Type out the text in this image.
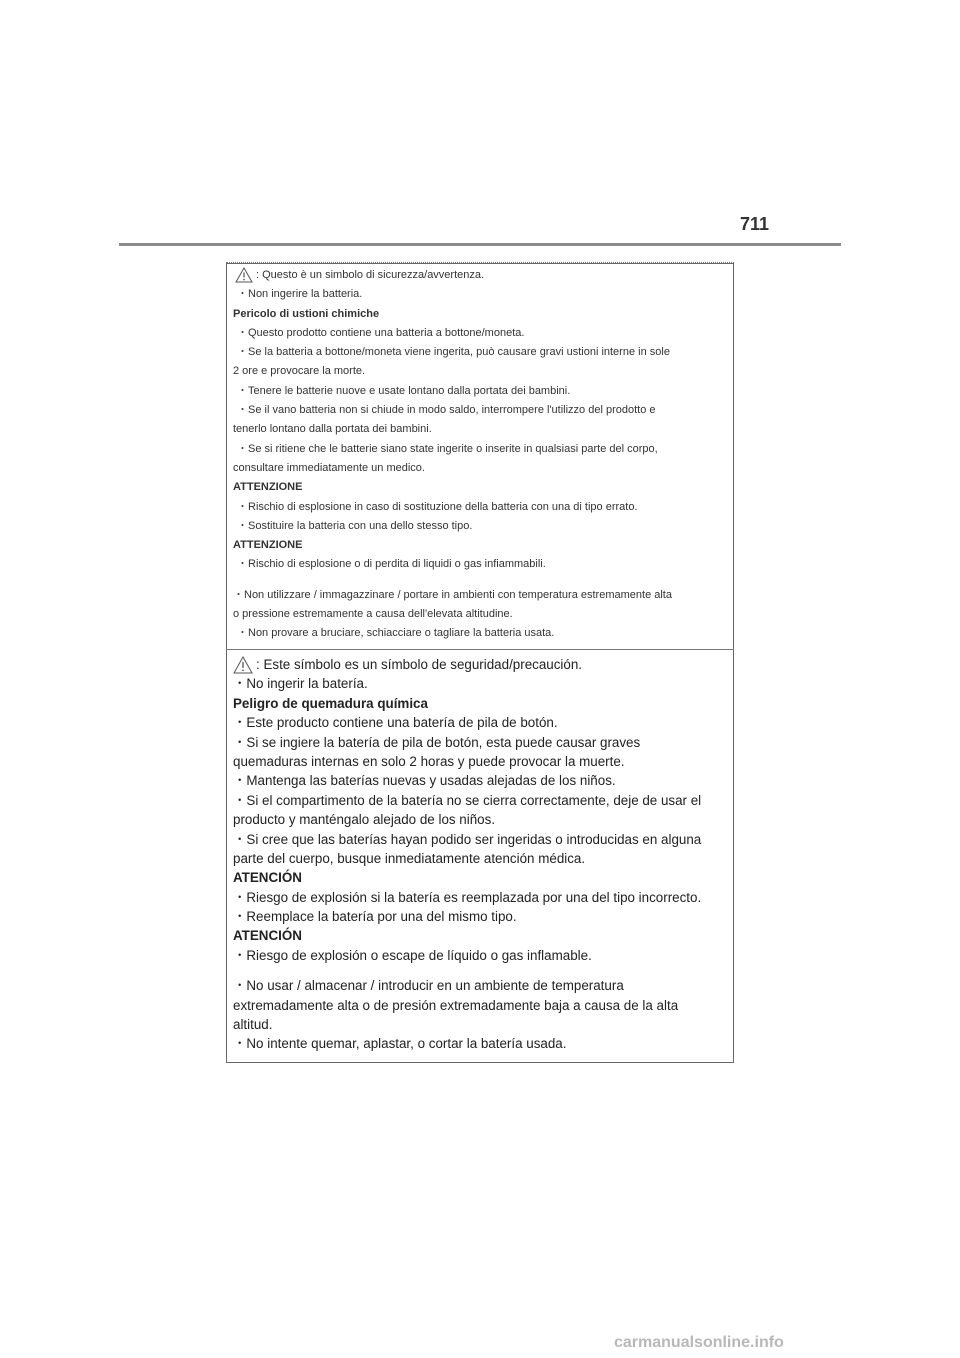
711
: Questo è un simbolo di sicurezza/avvertenza.
・Non ingerire la batteria.
Pericolo di ustioni chimiche
・Questo prodotto contiene una batteria a bottone/moneta.
・Se la batteria a bottone/moneta viene ingerita, può causare gravi ustioni interne in sole
2 ore e provocare la morte.
・Tenere le batterie nuove e usate lontano dalla portata dei bambini.
・Se il vano batteria non si chiude in modo saldo, interrompere l'utilizzo del prodotto e
tenerlo lontano dalla portata dei bambini.
・Se si ritiene che le batterie siano state ingerite o inserite in qualsiasi parte del corpo,
consultare immediatamente un medico.
ATTENZIONE
・Rischio di esplosione in caso di sostituzione della batteria con una di tipo errato.
・Sostituire la batteria con una dello stesso tipo.
ATTENZIONE
・Rischio di esplosione o di perdita di liquidi o gas infiammabili.
・Non utilizzare / immagazzinare / portare in ambienti con temperatura estremamente alta
o pressione estremamente a causa dell'elevata altitudine.
・Non provare a bruciare, schiacciare o tagliare la batteria usata.
: Este símbolo es un símbolo de seguridad/precaución.
・No ingerir la batería.
Peligro de quemadura química
・Este producto contiene una batería de pila de botón.
・Si se ingiere la batería de pila de botón, esta puede causar graves
quemaduras internas en solo 2 horas y puede provocar la muerte.
・Mantenga las baterías nuevas y usadas alejadas de los niños.
・Si el compartimento de la batería no se cierra correctamente, deje de usar el
producto y manténgalo alejado de los niños.
・Si cree que las baterías hayan podido ser ingeridas o introducidas en alguna
parte del cuerpo, busque inmediatamente atención médica.
ATENCIÓN
・Riesgo de explosión si la batería es reemplazada por una del tipo incorrecto.
・Reemplace la batería por una del mismo tipo.
ATENCIÓN
・Riesgo de explosión o escape de líquido o gas inflamable.
・No usar / almacenar / introducir en un ambiente de temperatura
extremadamente alta o de presión extremadamente baja a causa de la alta
altitud.
・No intente quemar, aplastar, o cortar la batería usada.
carmanualsonline.info
